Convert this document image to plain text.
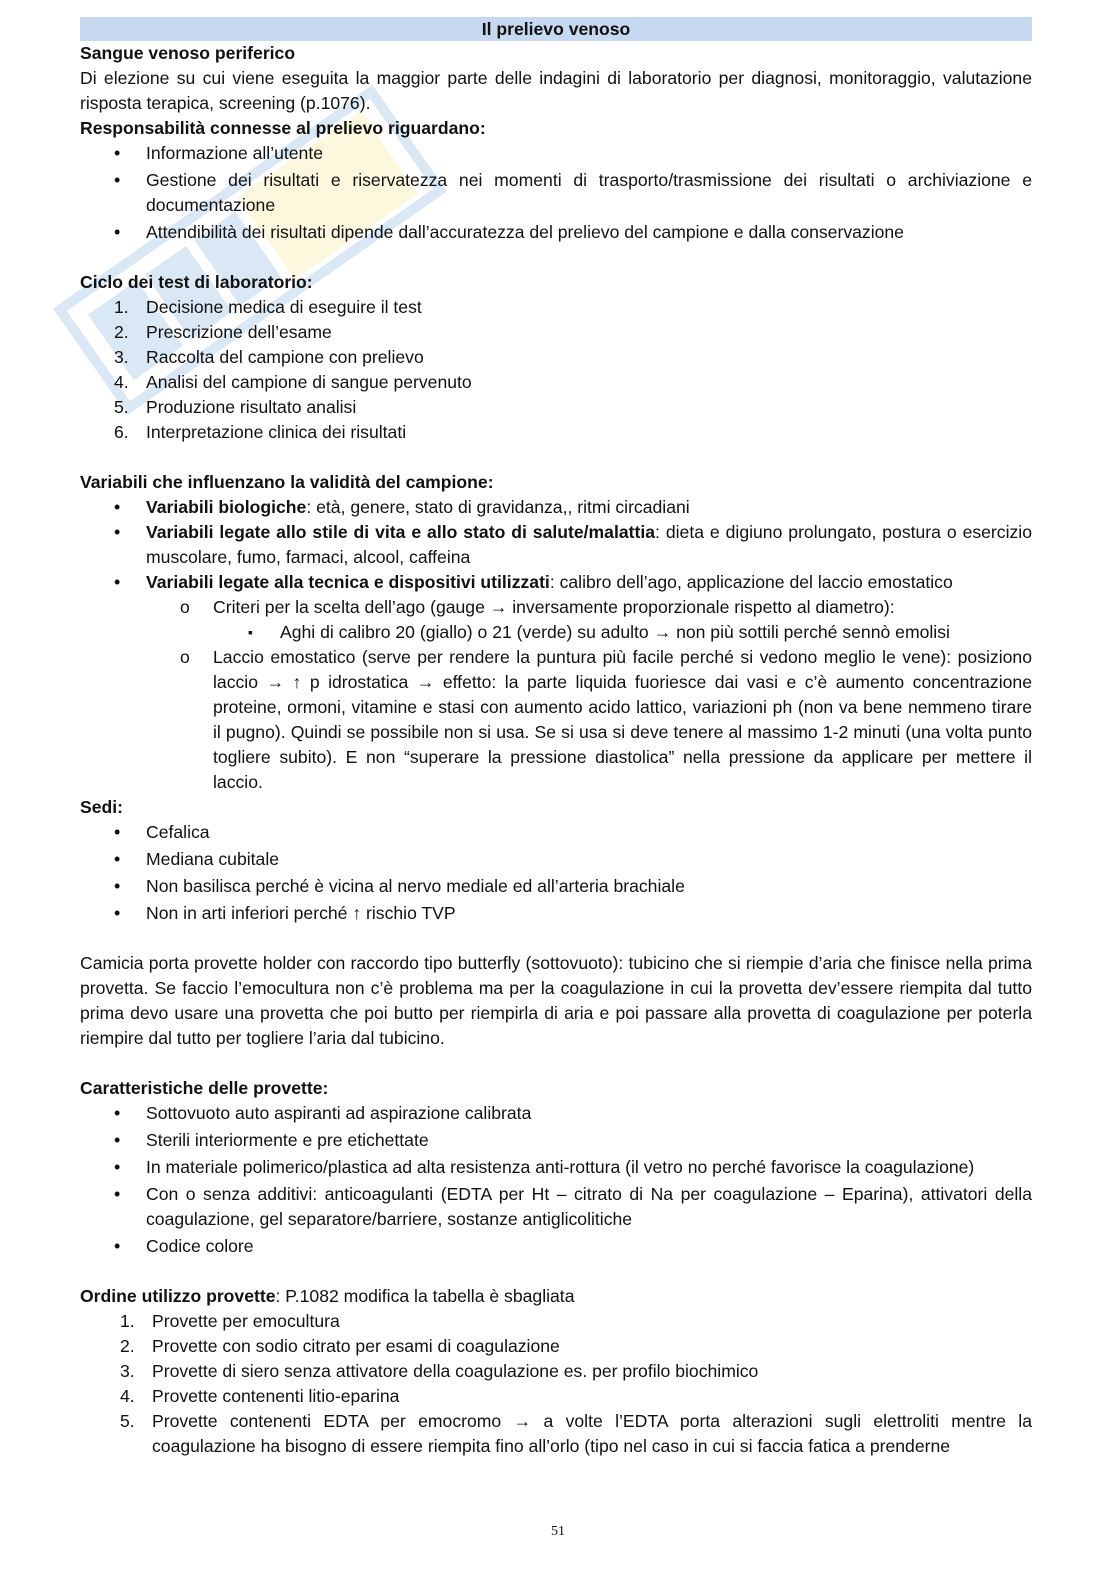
Il prelievo venoso
Sangue venoso periferico
Di elezione su cui viene eseguita la maggior parte delle indagini di laboratorio per diagnosi, monitoraggio, valutazione risposta terapica, screening (p.1076).
Responsabilità connesse al prelievo riguardano:
• Informazione all’utente
• Gestione dei risultati e riservatezza nei momenti di trasporto/trasmissione dei risultati o archiviazione e documentazione
• Attendibilità dei risultati dipende dall’accuratezza del prelievo del campione e dalla conservazione
Ciclo dei test di laboratorio:
1. Decisione medica di eseguire il test
2. Prescrizione dell’esame
3. Raccolta del campione con prelievo
4. Analisi del campione di sangue pervenuto
5. Produzione risultato analisi
6. Interpretazione clinica dei risultati
Variabili che influenzano la validità del campione:
• Variabili biologiche: età, genere, stato di gravidanza,, ritmi circadiani
• Variabili legate allo stile di vita e allo stato di salute/malattia: dieta e digiuno prolungato, postura o esercizio muscolare, fumo, farmaci, alcool, caffeina
• Variabili legate alla tecnica e dispositivi utilizzati: calibro dell’ago, applicazione del laccio emostatico
o Criteri per la scelta dell’ago (gauge → inversamente proporzionale rispetto al diametro):
▪ Aghi di calibro 20 (giallo) o 21 (verde) su adulto → non più sottili perché sennò emolisi
o Laccio emostatico (serve per rendere la puntura più facile perché si vedono meglio le vene): posiziono laccio → ↑ p idrostatica → effetto: la parte liquida fuoriesce dai vasi e c’è aumento concentrazione proteine, ormoni, vitamine e stasi con aumento acido lattico, variazioni ph (non va bene nemmeno tirare il pugno). Quindi se possibile non si usa. Se si usa si deve tenere al massimo 1-2 minuti (una volta punto togliere subito). E non “superare la pressione diastolica” nella pressione da applicare per mettere il laccio.
Sedi:
• Cefalica
• Mediana cubitale
• Non basilisca perché è vicina al nervo mediale ed all’arteria brachiale
• Non in arti inferiori perché ↑ rischio TVP
Camicia porta provette holder con raccordo tipo butterfly (sottovuoto): tubicino che si riempie d’aria che finisce nella prima provetta. Se faccio l’emocultura non c’è problema ma per la coagulazione in cui la provetta dev’essere riempita dal tutto prima devo usare una provetta che poi butto per riempirla di aria e poi passare alla provetta di coagulazione per poterla riempire dal tutto per togliere l’aria dal tubicino.
Caratteristiche delle provette:
• Sottovuoto auto aspiranti ad aspirazione calibrata
• Sterili interiormente e pre etichettate
• In materiale polimerico/plastica ad alta resistenza anti-rottura (il vetro no perché favorisce la coagulazione)
• Con o senza additivi: anticoagulanti (EDTA per Ht – citrato di Na per coagulazione – Eparina), attivatori della coagulazione, gel separatore/barriere, sostanze antiglicolitiche
• Codice colore
Ordine utilizzo provette: P.1082 modifica la tabella è sbagliata
1. Provette per emocultura
2. Provette con sodio citrato per esami di coagulazione
3. Provette di siero senza attivatore della coagulazione es. per profilo biochimico
4. Provette contenenti litio-eparina
5. Provette contenenti EDTA per emocromo → a volte l’EDTA porta alterazioni sugli elettroliti mentre la coagulazione ha bisogno di essere riempita fino all’orlo (tipo nel caso in cui si faccia fatica a prenderne
51
